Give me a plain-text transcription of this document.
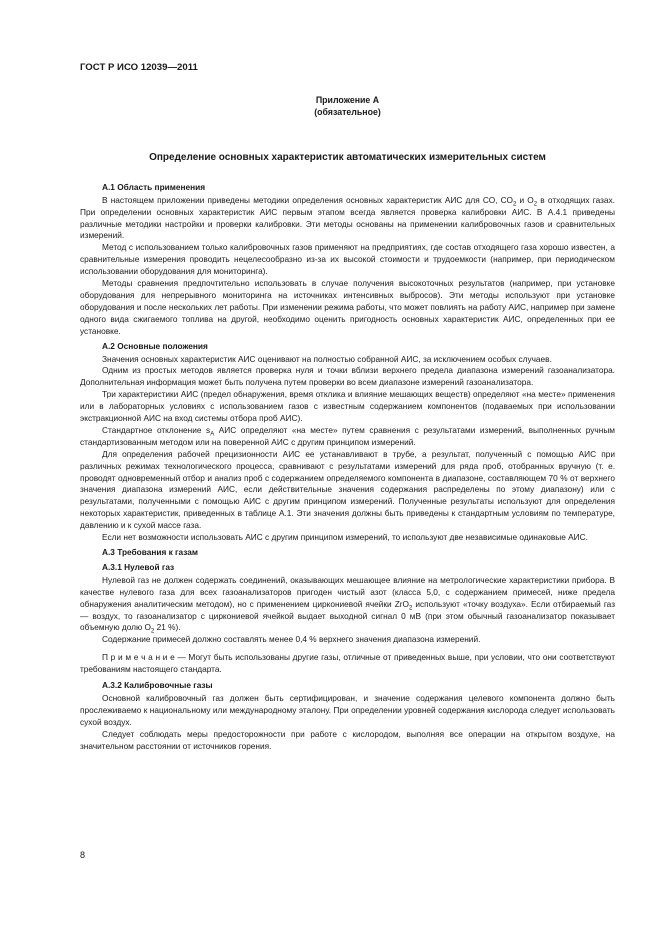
ГОСТ Р ИСО 12039—2011
Приложение А
(обязательное)
Определение основных характеристик автоматических измерительных систем
А.1 Область применения

В настоящем приложении приведены методики определения основных характеристик АИС для СО, $СО_2$ и $О_2$ в отходящих газах. При определении основных характеристик АИС первым этапом всегда является проверка калибровки АИС. В А.4.1 приведены различные методики настройки и проверки калибровки. Эти методы основаны на применении калибровочных газов и сравнительных измерений.

Метод с использованием только калибровочных газов применяют на предприятиях, где состав отходящего газа хорошо известен, а сравнительные измерения проводить нецелесообразно из-за их высокой стоимости и трудоемкости (например, при периодическом использовании оборудования для мониторинга).

Методы сравнения предпочтительно использовать в случае получения высокоточных результатов (например, при установке оборудования для непрерывного мониторинга на источниках интенсивных выбросов). Эти методы используют при установке оборудования и после нескольких лет работы. При изменении режима работы, что может повлиять на работу АИС, например при замене одного вида сжигаемого топлива на другой, необходимо оценить пригодность основных характеристик АИС, определенных при ее установке.

А.2 Основные положения

Значения основных характеристик АИС оценивают на полностью собранной АИС, за исключением особых случаев.

Одним из простых методов является проверка нуля и точки вблизи верхнего предела диапазона измерений газоанализатора. Дополнительная информация может быть получена путем проверки во всем диапазоне измерений газоанализатора.

Три характеристики АИС (предел обнаружения, время отклика и влияние мешающих веществ) определяют «на месте» применения или в лабораторных условиях с использованием газов с известным содержанием компонентов (подаваемых при использовании экстракционной АИС на вход системы отбора проб АИС).

Стандартное отклонение $s_A$ АИС определяют «на месте» путем сравнения с результатами измерений, выполненных ручным стандартизованным методом или на поверенной АИС с другим принципом измерений.

Для определения рабочей прецизионности АИС ее устанавливают в трубе, а результат, полученный с помощью АИС при различных режимах технологического процесса, сравнивают с результатами измерений для ряда проб, отобранных вручную (т. е. проводят одновременный отбор и анализ проб с содержанием определяемого компонента в диапазоне, составляющем 70 % от верхнего значения диапазона измерений АИС, если действительные значения содержания распределены по этому диапазону) или с результатами, полученными с помощью АИС с другим принципом измерений. Полученные результаты используют для определения некоторых характеристик, приведенных в таблице А.1. Эти значения должны быть приведены к стандартным условиям по температуре, давлению и к сухой массе газа.

Если нет возможности использовать АИС с другим принципом измерений, то используют две независимые одинаковые АИС.

А.3 Требования к газам
А.3.1 Нулевой газ

Нулевой газ не должен содержать соединений, оказывающих мешающее влияние на метрологические характеристики прибора. В качестве нулевого газа для всех газоанализаторов пригоден чистый азот (класса 5,0, с содержанием примесей, ниже предела обнаружения аналитическим методом), но с применением циркониевой ячейки ZrO$_2$ используют «точку воздуха». Если отбираемый газ — воздух, то газоанализатор с циркониевой ячейкой выдает выходной сигнал 0 мВ (при этом обычный газоанализатор показывает объемную долю $О_2$ 21 %).

Содержание примесей должно составлять менее 0,4 % верхнего значения диапазона измерений.

П р и м е ч а н и е — Могут быть использованы другие газы, отличные от приведенных выше, при условии, что они соответствуют требованиям настоящего стандарта.

А.3.2 Калибровочные газы

Основной калибровочный газ должен быть сертифицирован, и значение содержания целевого компонента должно быть прослеживаемо к национальному или международному эталону. При определении уровней содержания кислорода следует использовать сухой воздух.

Следует соблюдать меры предосторожности при работе с кислородом, выполняя все операции на открытом воздухе, на значительном расстоянии от источников горения.

8
